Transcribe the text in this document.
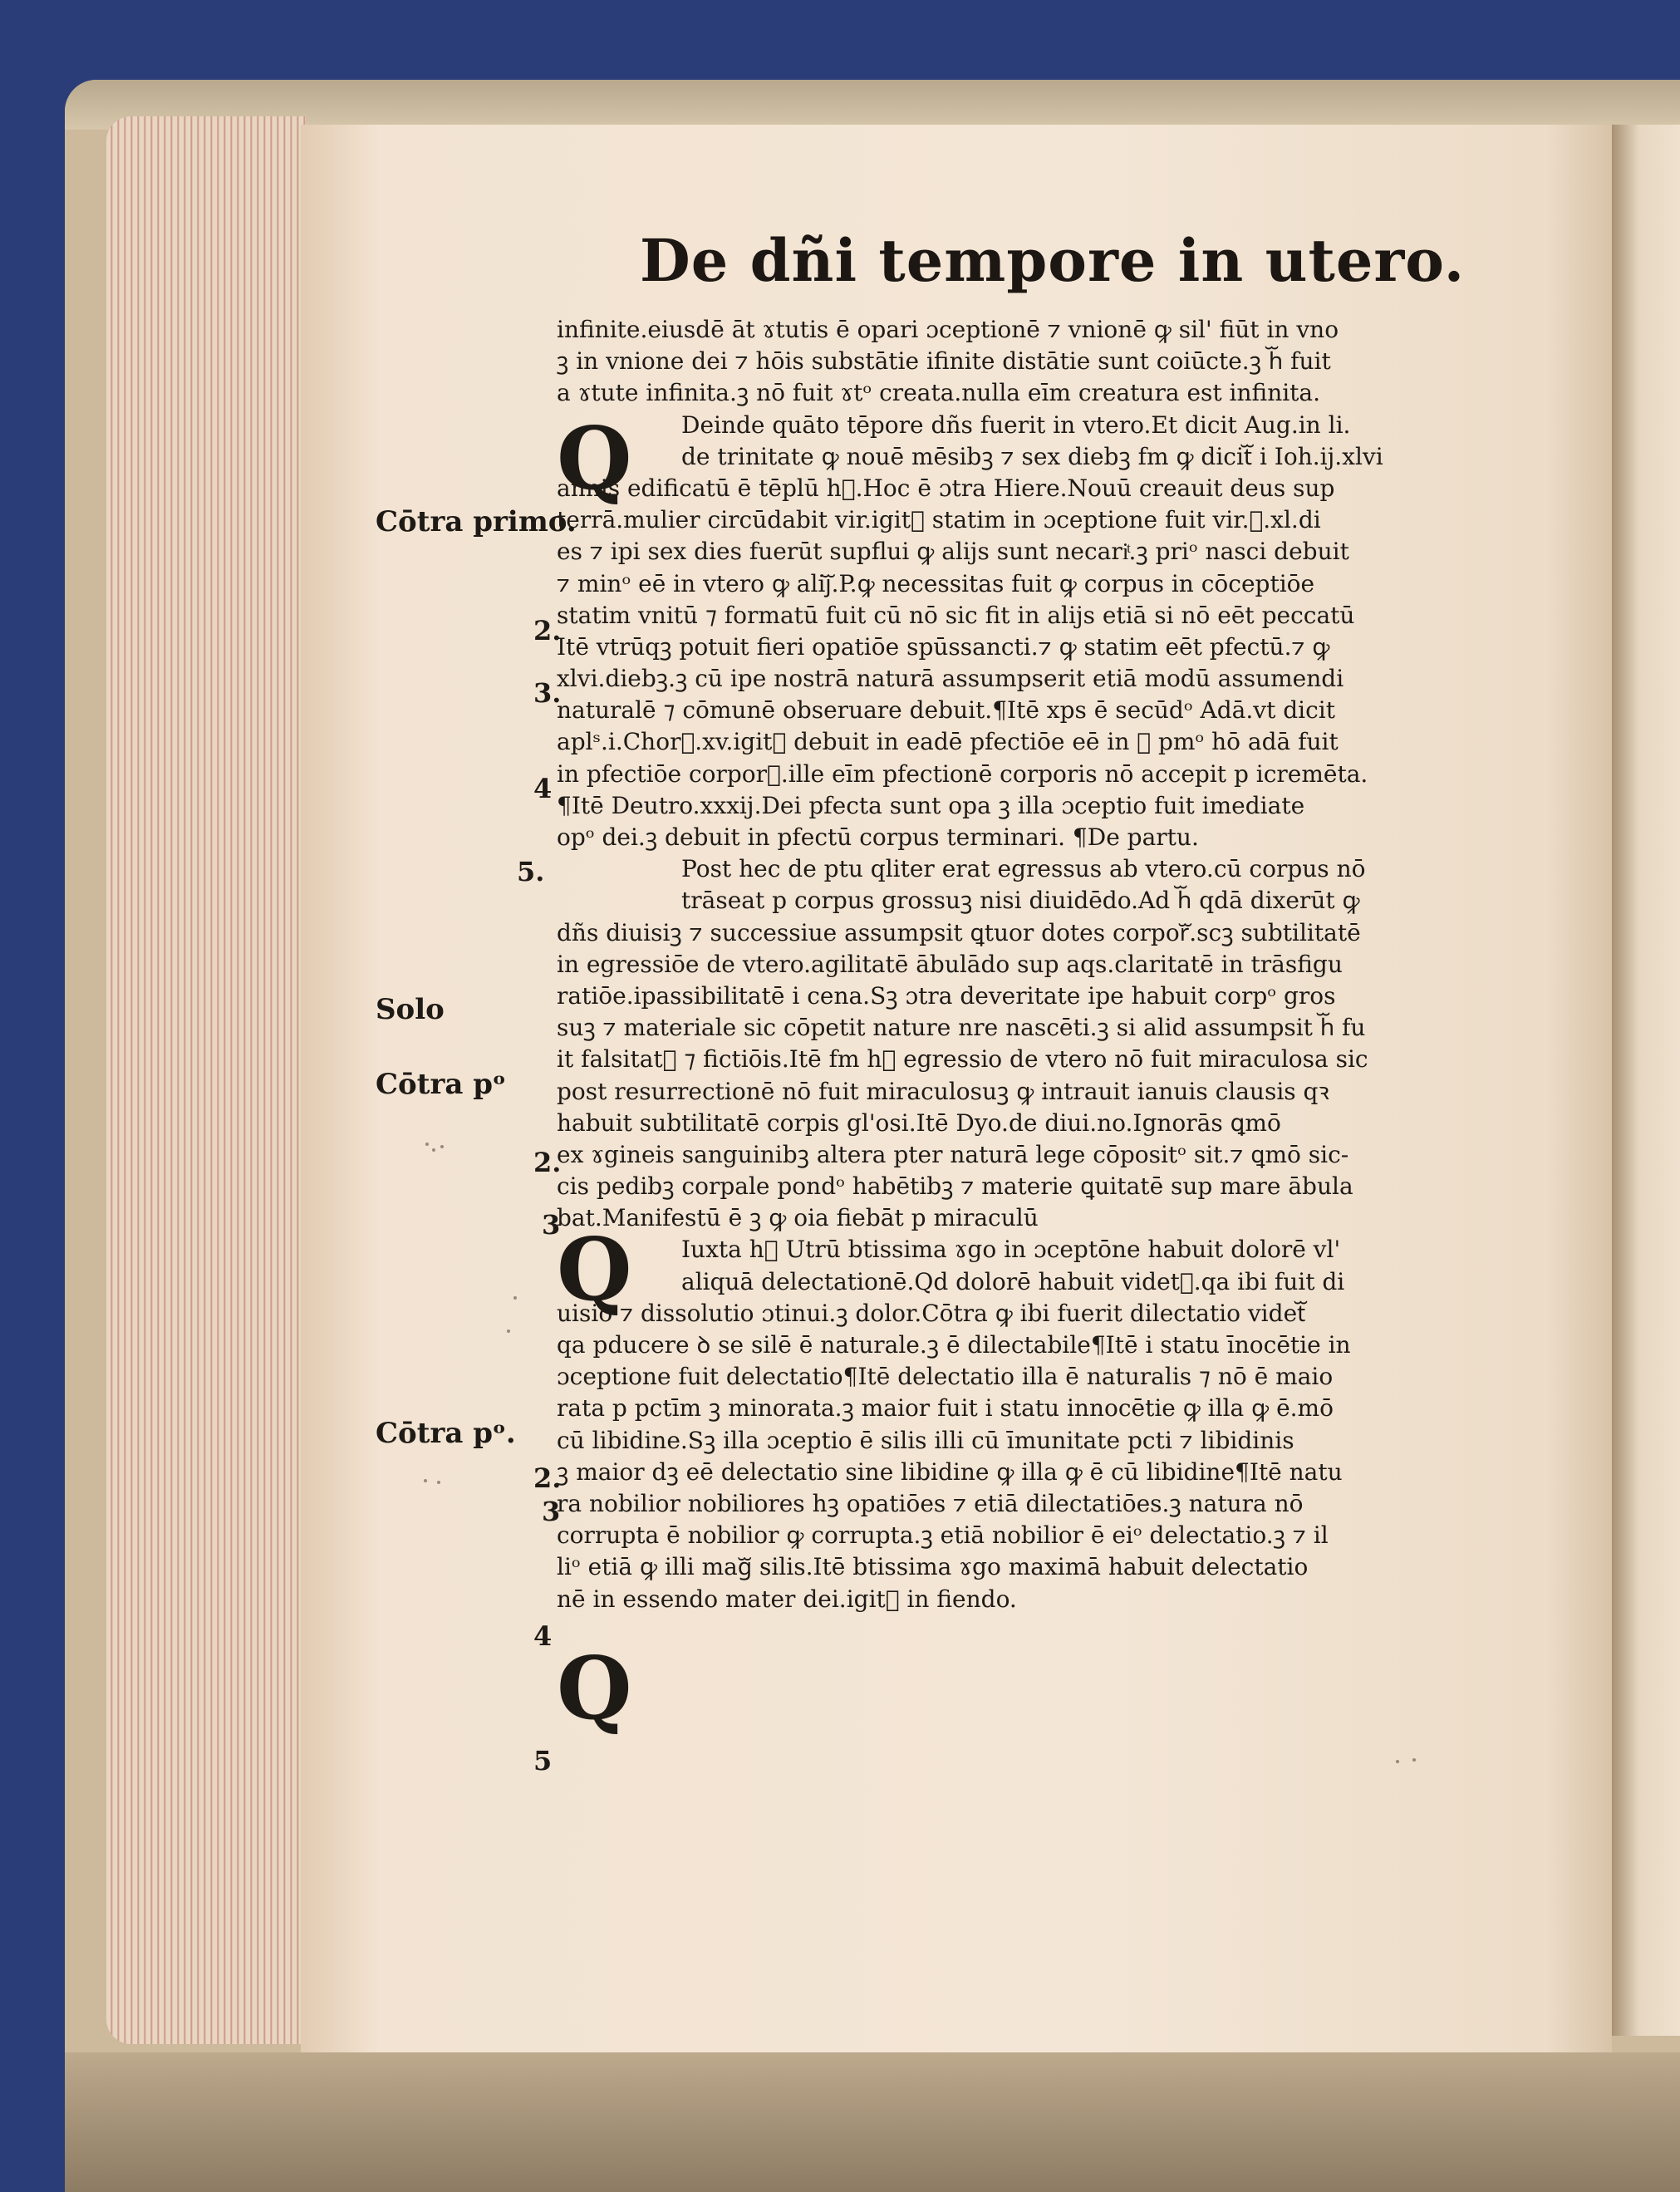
De dñi tempore in utero.
Q
Q
Q
infinite.eiusdē āt ɤtutis ē opari ɔceptionē ⁊ vnionē ꝙ sil' fiūt in vno
ꝫ in vnione dei ⁊ hōis substātie ifinite distātie sunt coiūcte.ꝫ hᷓ fuit
a ɤtute infinita.ꝫ nō fuit ɤtᵒ creata.nulla eīm creatura est infinita.
Deinde quāto tēpore dñs fuerit in vtero.Et dicit Aug.in li.
de trinitate ꝙ nouē mēsibꝫ ⁊ sex diebꝫ fm ꝙ dicitᷓ i Ioh.ij.xlvi
annis edificatū ē tēplū hᷓ.Hoc ē ɔtra Hiere.Nouū creauit deus sup
terrā.mulier circūdabit vir.igitᷓ statim in ɔceptione fuit vir.ꝫ.xl.di
es ⁊ ipi sex dies fuerūt supflui ꝙ alijs sunt necariͭ.ꝫ priᵒ nasci debuit
⁊ minᵒ eē in vtero ꝙ alijᷓ.P.ꝙ necessitas fuit ꝙ corpus in cōceptiōe
statim vnitū ⁊ formatū fuit cū nō sic fit in alijs etiā si nō eēt peccatū
Itē vtrūqꝫ potuit fieri opatiōe spūssancti.⁊ ꝙ statim eēt pfectū.⁊ ꝙ
xlvi.diebꝫ.ꝫ cū ipe nostrā naturā assumpserit etiā modū assumendi
naturalē ⁊ cōmunē obseruare debuit.¶Itē xps ē secūdᵒ Adā.vt dicit
aplˢ.i.Chorᷓ.xv.igitᷓ debuit in eadē pfectiōe eē in ꝙ pmᵒ hō adā fuit
in pfectiōe corporᷓ.ille eīm pfectionē corporis nō accepit p icremēta.
¶Itē Deutro.xxxij.Dei pfecta sunt opa ꝫ illa ɔceptio fuit imediate
opᵒ dei.ꝫ debuit in pfectū corpus terminari. ¶De partu.
Post hec de ptu qliter erat egressus ab vtero.cū corpus nō
trāseat p corpus grossuꝫ nisi diuidēdo.Ad hᷓ qdā dixerūt ꝙ
dñs diuisiꝫ ⁊ successiue assumpsit ꝗtuor dotes corporᷓ.scꝫ subtilitatē
in egressiōe de vtero.agilitatē ābulādo sup aqs.claritatē in trāsfigu
ratiōe.ipassibilitatē i cena.Sꝫ ɔtra deveritate ipe habuit corpᵒ gros
suꝫ ⁊ materiale sic cōpetit nature nre nascēti.ꝫ si alid assumpsit hᷓ fu
it falsitatᷓ ⁊ fictiōis.Itē fm hᷓ egressio de vtero nō fuit miraculosa sic
post resurrectionē nō fuit miraculosuꝫ ꝙ intrauit ianuis clausis qꝛ
habuit subtilitatē corpis gl'osi.Itē Dyo.de diui.no.Ignorās ꝗmō
ex ɤgineis sanguinibꝫ altera pter naturā lege cōpositᵒ sit.⁊ ꝗmō sic-
cis pedibꝫ corpale pondᵒ habētibꝫ ⁊ materie ꝗuitatē sup mare ābula
bat.Manifestū ē ꝫ ꝙ oia fiebāt p miraculū
Iuxta hᷓ Utrū btissima ɤgo in ɔceptōne habuit dolorē vl'
aliquā delectationē.Qd dolorē habuit videtᷓ.qa ibi fuit di
uisio ⁊ dissolutio ɔtinui.ꝫ dolor.Cōtra ꝙ ibi fuerit dilectatio videtᷓ
qa pducere ꝺ se silē ē naturale.ꝫ ē dilectabile¶Itē i statu īnocētie in
ɔceptione fuit delectatio¶Itē delectatio illa ē naturalis ⁊ nō ē maio
rata p pctīm ꝫ minorata.ꝫ maior fuit i statu innocētie ꝙ illa ꝙ ē.mō
cū libidine.Sꝫ illa ɔceptio ē silis illi cū īmunitate pcti ⁊ libidinis
ꝫ maior dꝫ eē delectatio sine libidine ꝙ illa ꝙ ē cū libidine¶Itē natu
ra nobilior nobiliores hꝫ opatiōes ⁊ etiā dilectatiōes.ꝫ natura nō
corrupta ē nobilior ꝙ corrupta.ꝫ etiā nobilior ē eiᵒ delectatio.ꝫ ⁊ il
liᵒ etiā ꝙ illi magᷓ silis.Itē btissima ɤgo maximā habuit delectatio
nē in essendo mater dei.igitᷓ in fiendo.
Cōtra primo.
Solo
Cōtra pᵒ
Cōtra pᵒ.
2.
3.
4
5.
2.
3
2.
3
4
5
